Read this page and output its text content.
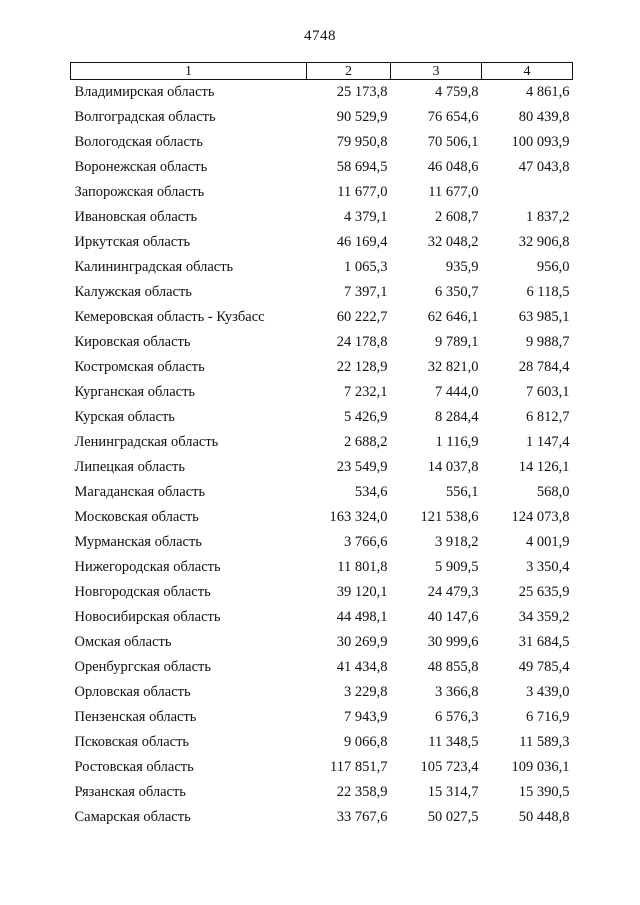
4748
1	2	3	4
Владимирская область	25 173,8	4 759,8	4 861,6
Волгоградская область	90 529,9	76 654,6	80 439,8
Вологодская область	79 950,8	70 506,1	100 093,9
Воронежская область	58 694,5	46 048,6	47 043,8
Запорожская область	11 677,0	11 677,0	
Ивановская область	4 379,1	2 608,7	1 837,2
Иркутская область	46 169,4	32 048,2	32 906,8
Калининградская область	1 065,3	935,9	956,0
Калужская область	7 397,1	6 350,7	6 118,5
Кемеровская область - Кузбасс	60 222,7	62 646,1	63 985,1
Кировская область	24 178,8	9 789,1	9 988,7
Костромская область	22 128,9	32 821,0	28 784,4
Курганская область	7 232,1	7 444,0	7 603,1
Курская область	5 426,9	8 284,4	6 812,7
Ленинградская область	2 688,2	1 116,9	1 147,4
Липецкая область	23 549,9	14 037,8	14 126,1
Магаданская область	534,6	556,1	568,0
Московская область	163 324,0	121 538,6	124 073,8
Мурманская область	3 766,6	3 918,2	4 001,9
Нижегородская область	11 801,8	5 909,5	3 350,4
Новгородская область	39 120,1	24 479,3	25 635,9
Новосибирская область	44 498,1	40 147,6	34 359,2
Омская область	30 269,9	30 999,6	31 684,5
Оренбургская область	41 434,8	48 855,8	49 785,4
Орловская область	3 229,8	3 366,8	3 439,0
Пензенская область	7 943,9	6 576,3	6 716,9
Псковская область	9 066,8	11 348,5	11 589,3
Ростовская область	117 851,7	105 723,4	109 036,1
Рязанская область	22 358,9	15 314,7	15 390,5
Самарская область	33 767,6	50 027,5	50 448,8
